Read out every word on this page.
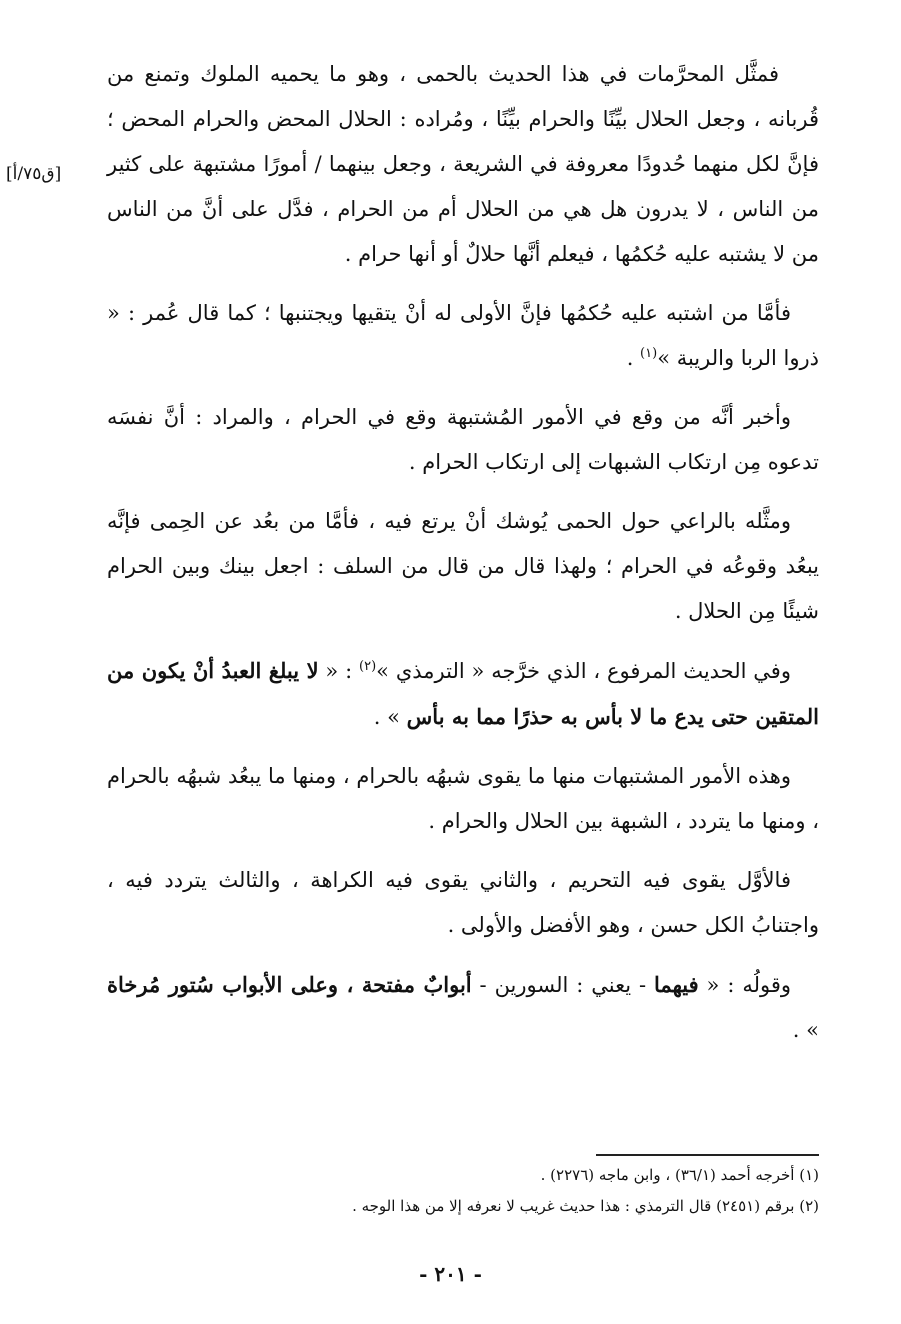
[ق٧٥/أ]

فمثَّل المحرَّمات في هذا الحديث بالحمى ، وهو ما يحميه الملوك وتمنع من قُربانه ، وجعل الحلال بيِّنًا والحرام بيِّنًا ، ومُراده : الحلال المحض والحرام المحض ؛ فإنَّ لكل منهما حُدودًا معروفة في الشريعة ، وجعل بينهما / أمورًا مشتبهة على كثير من الناس ، لا يدرون هل هي من الحلال أم من الحرام ، فدَّل على أنَّ من الناس من لا يشتبه عليه حُكمُها ، فيعلم أنَّها حلالٌ أو أنها حرام .

فأمَّا من اشتبه عليه حُكمُها فإنَّ الأولى له أنْ يتقيها ويجتنبها ؛ كما قال عُمر : « ذروا الربا والريبة »$^{(١)}$ .

وأخبر أنَّه من وقع في الأمور المُشتبهة وقع في الحرام ، والمراد : أنَّ نفسَه تدعوه مِن ارتكاب الشبهات إلى ارتكاب الحرام .

ومثَّله بالراعي حول الحمى يُوشك أنْ يرتع فيه ، فأمَّا من بعُد عن الحِمى فإنَّه يبعُد وقوعُه في الحرام ؛ ولهذا قال من قال من السلف : اجعل بينك وبين الحرام شيئًا مِن الحلال .

وفي الحديث المرفوع ، الذي خرَّجه « الترمذي »$^{(٢)}$ : « لا يبلغ العبدُ أنْ يكون من المتقين حتى يدع ما لا بأس به حذرًا مما به بأس » .

وهذه الأمور المشتبهات منها ما يقوى شبهُه بالحرام ، ومنها ما يبعُد شبهُه بالحرام ، ومنها ما يتردد ، الشبهة بين الحلال والحرام .

فالأوَّل يقوى فيه التحريم ، والثاني يقوى فيه الكراهة ، والثالث يتردد فيه ، واجتنابُ الكل حسن ، وهو الأفضل والأولى .

وقولُه : « فيهما - يعني : السورين - أبوابٌ مفتحة ، وعلى الأبواب سُتور مُرخاة » .

(١) أخرجه أحمد (٣٦/١) ، وابن ماجه (٢٢٧٦) .

(٢) برقم (٢٤٥١) قال الترمذي : هذا حديث غريب لا نعرفه إلا من هذا الوجه .

- ٢٠١ -
